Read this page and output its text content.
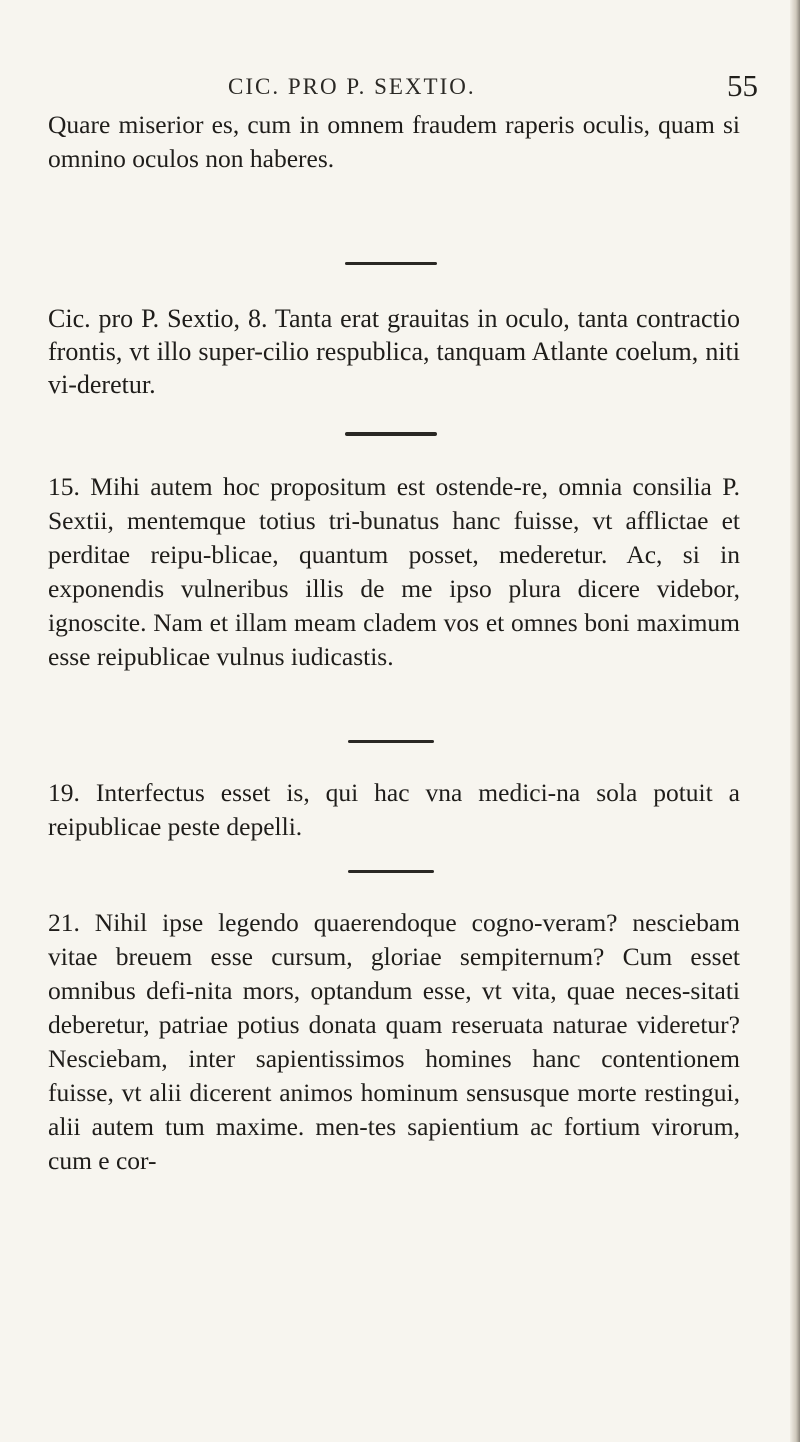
CIC. PRO P. SEXTIO.	55

Quare miserior es, cum in omnem fraudem raperis oculis, quam si omnino oculos non haberes.

Cic. pro P. Sextio, 8. Tanta erat grauitas in oculo, tanta contractio frontis, vt illo super-cilio respublica, tanquam Atlante coelum, niti vi-deretur.

15. Mihi autem hoc propositum est ostende-re, omnia consilia P. Sextii, mentemque totius tri-bunatus hanc fuisse, vt afflictae et perditae reipu-blicae, quantum posset, mederetur. Ac, si in exponendis vulneribus illis de me ipso plura dicere videbor, ignoscite. Nam et illam meam cladem vos et omnes boni maximum esse reipublicae vulnus iudicastis.

19. Interfectus esset is, qui hac vna medici-na sola potuit a reipublicae peste depelli.

21. Nihil ipse legendo quaerendoque cogno-veram? nesciebam vitae breuem esse cursum, gloriae sempiternum? Cum esset omnibus defi-nita mors, optandum esse, vt vita, quae neces-sitati deberetur, patriae potius donata quam reseruata naturae videretur? Nesciebam, inter sapientissimos homines hanc contentionem fuisse, vt alii dicerent animos hominum sensusque morte restingui, alii autem tum maxime. men-tes sapientium ac fortium virorum, cum e cor-
